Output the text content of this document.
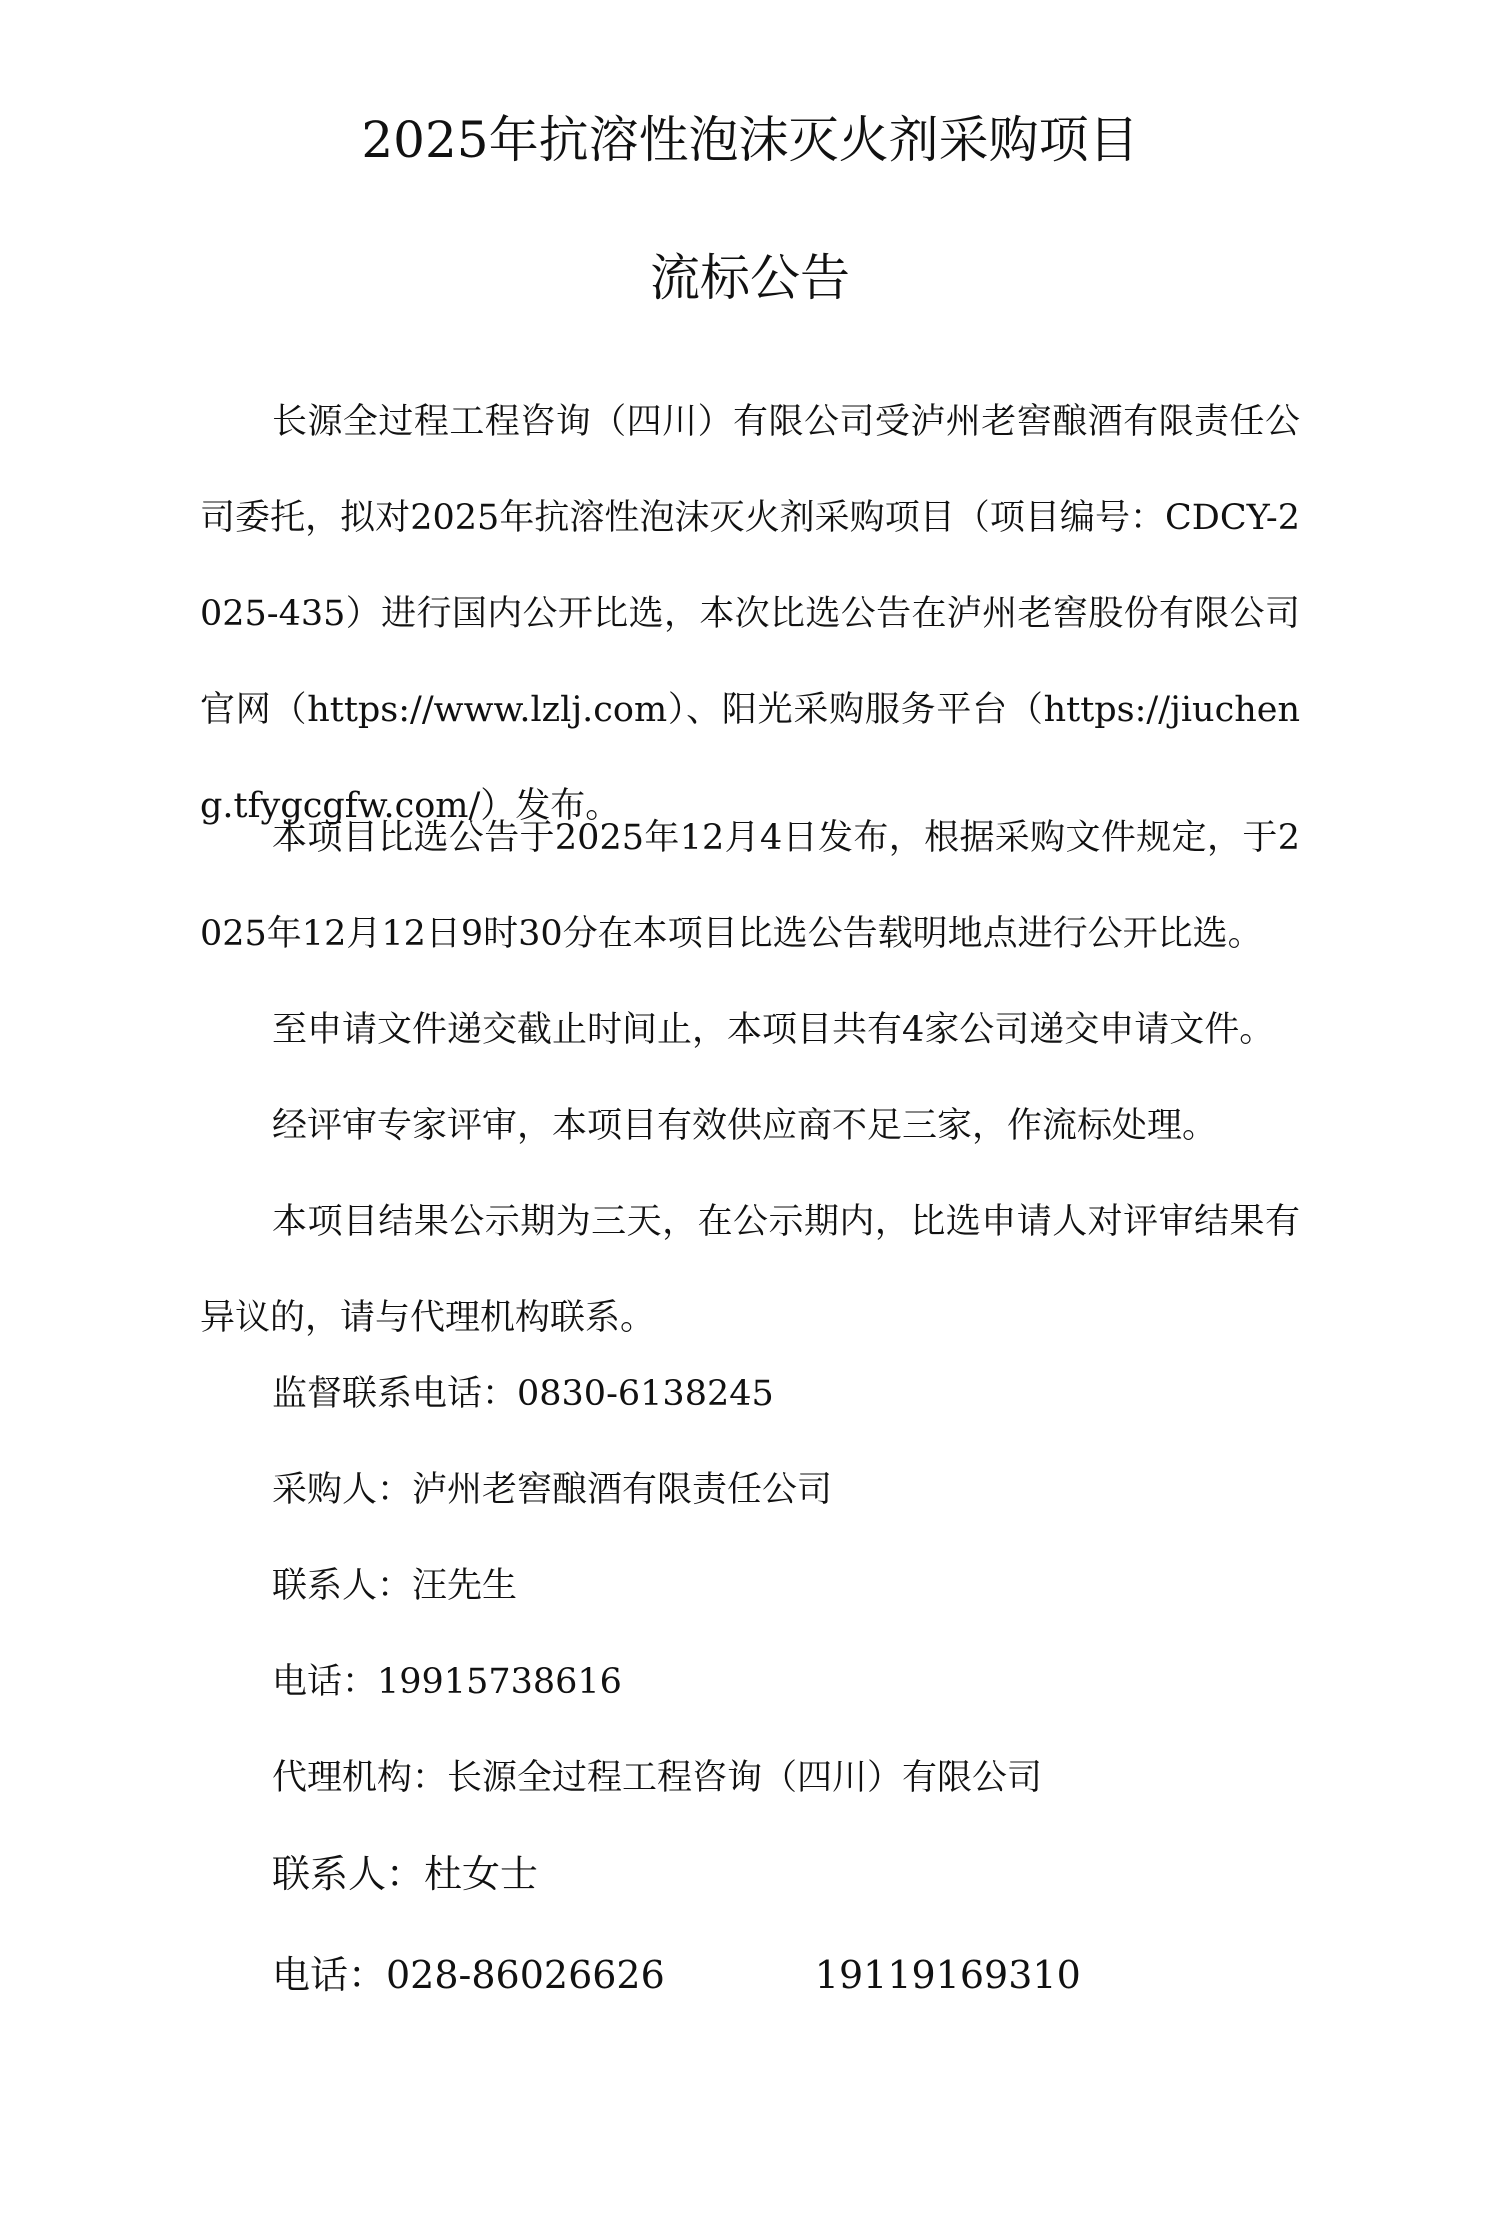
2025年抗溶性泡沫灭火剂采购项目
流标公告

长源全过程工程咨询（四川）有限公司受泸州老窖酿酒有限责任公司委托，拟对2025年抗溶性泡沫灭火剂采购项目（项目编号：CDCY-2025-435）进行国内公开比选，本次比选公告在泸州老窖股份有限公司官网（https://www.lzlj.com）、阳光采购服务平台（https://jiucheng.tfygcgfw.com/）发布。

本项目比选公告于2025年12月4日发布，根据采购文件规定，于2025年12月12日9时30分在本项目比选公告载明地点进行公开比选。

至申请文件递交截止时间止，本项目共有4家公司递交申请文件。

经评审专家评审，本项目有效供应商不足三家，作流标处理。

本项目结果公示期为三天，在公示期内，比选申请人对评审结果有异议的，请与代理机构联系。

监督联系电话：0830-6138245

采购人：泸州老窖酿酒有限责任公司

联系人：汪先生

电话：19915738616

代理机构：长源全过程工程咨询（四川）有限公司

联系人：杜女士

电话：028-86026626	19119169310
